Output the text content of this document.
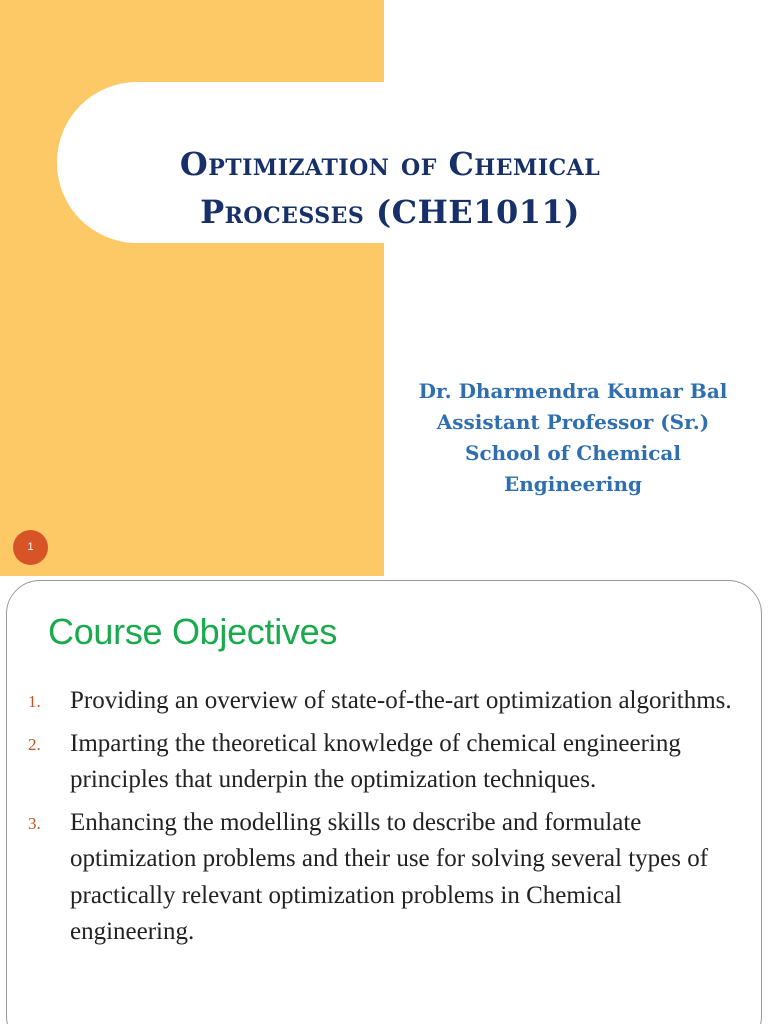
Optimization of Chemical
Processes (CHE1011)
Dr. Dharmendra Kumar Bal
Assistant Professor (Sr.)
School of Chemical
Engineering
1
Course Objectives
1. Providing an overview of state-of-the-art optimization algorithms.
2. Imparting the theoretical knowledge of chemical engineering principles that underpin the optimization techniques.
3. Enhancing the modelling skills to describe and formulate optimization problems and their use for solving several types of practically relevant optimization problems in Chemical engineering.
